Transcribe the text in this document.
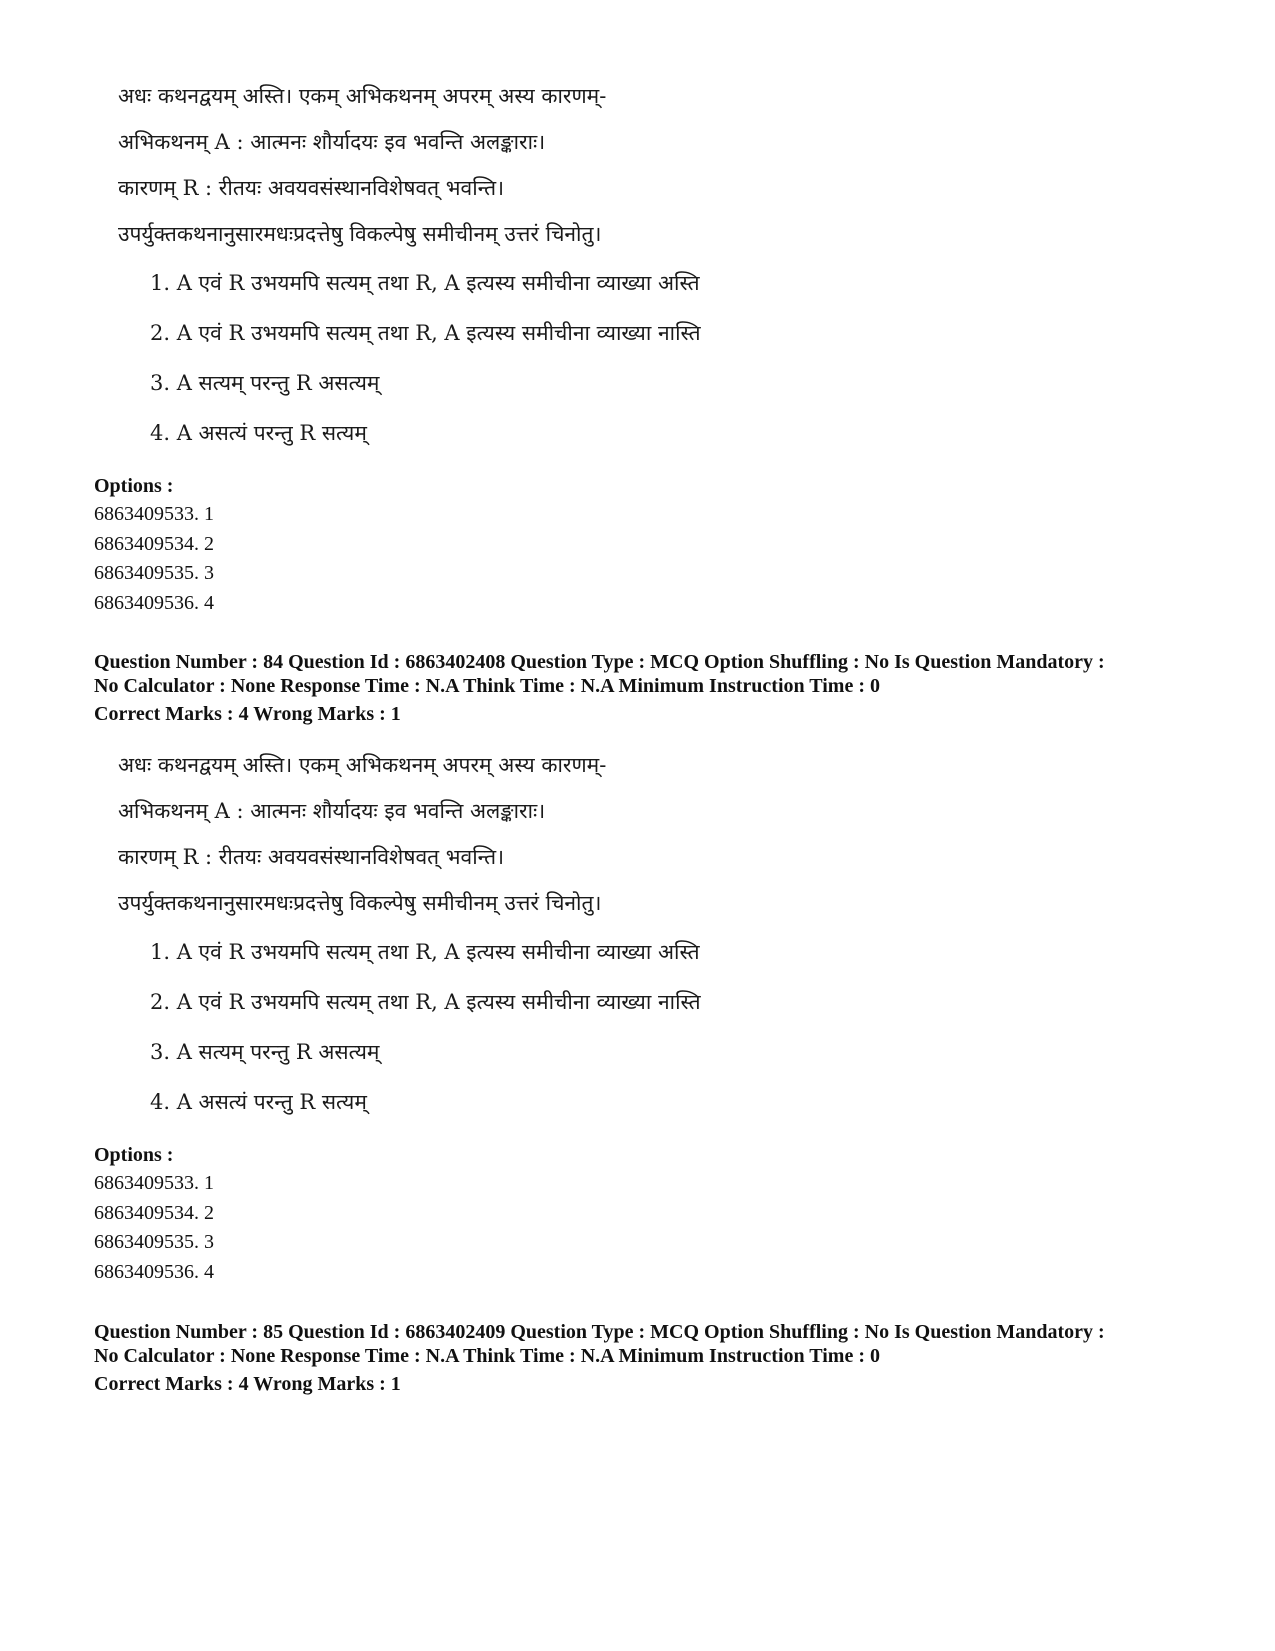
अधः कथनद्वयम् अस्ति। एकम् अभिकथनम् अपरम् अस्य कारणम्-
अभिकथनम् A : आत्मनः शौर्यादयः इव भवन्ति अलङ्काराः।
कारणम् R : रीतयः अवयवसंस्थानविशेषवत् भवन्ति।
उपर्युक्तकथनानुसारमधःप्रदत्तेषु विकल्पेषु समीचीनम् उत्तरं चिनोतु।
1. A एवं R उभयमपि सत्यम् तथा R, A इत्यस्य समीचीना व्याख्या अस्ति
2. A एवं R उभयमपि सत्यम् तथा R, A इत्यस्य समीचीना व्याख्या नास्ति
3. A सत्यम् परन्तु R असत्यम्
4. A असत्यं परन्तु R सत्यम्
Options :
6863409533. 1
6863409534. 2
6863409535. 3
6863409536. 4
Question Number : 84 Question Id : 6863402408 Question Type : MCQ Option Shuffling : No Is Question Mandatory :
No Calculator : None Response Time : N.A Think Time : N.A Minimum Instruction Time : 0
Correct Marks : 4 Wrong Marks : 1
अधः कथनद्वयम् अस्ति। एकम् अभिकथनम् अपरम् अस्य कारणम्-
अभिकथनम् A : आत्मनः शौर्यादयः इव भवन्ति अलङ्काराः।
कारणम् R : रीतयः अवयवसंस्थानविशेषवत् भवन्ति।
उपर्युक्तकथनानुसारमधःप्रदत्तेषु विकल्पेषु समीचीनम् उत्तरं चिनोतु।
1. A एवं R उभयमपि सत्यम् तथा R, A इत्यस्य समीचीना व्याख्या अस्ति
2. A एवं R उभयमपि सत्यम् तथा R, A इत्यस्य समीचीना व्याख्या नास्ति
3. A सत्यम् परन्तु R असत्यम्
4. A असत्यं परन्तु R सत्यम्
Options :
6863409533. 1
6863409534. 2
6863409535. 3
6863409536. 4
Question Number : 85 Question Id : 6863402409 Question Type : MCQ Option Shuffling : No Is Question Mandatory :
No Calculator : None Response Time : N.A Think Time : N.A Minimum Instruction Time : 0
Correct Marks : 4 Wrong Marks : 1
